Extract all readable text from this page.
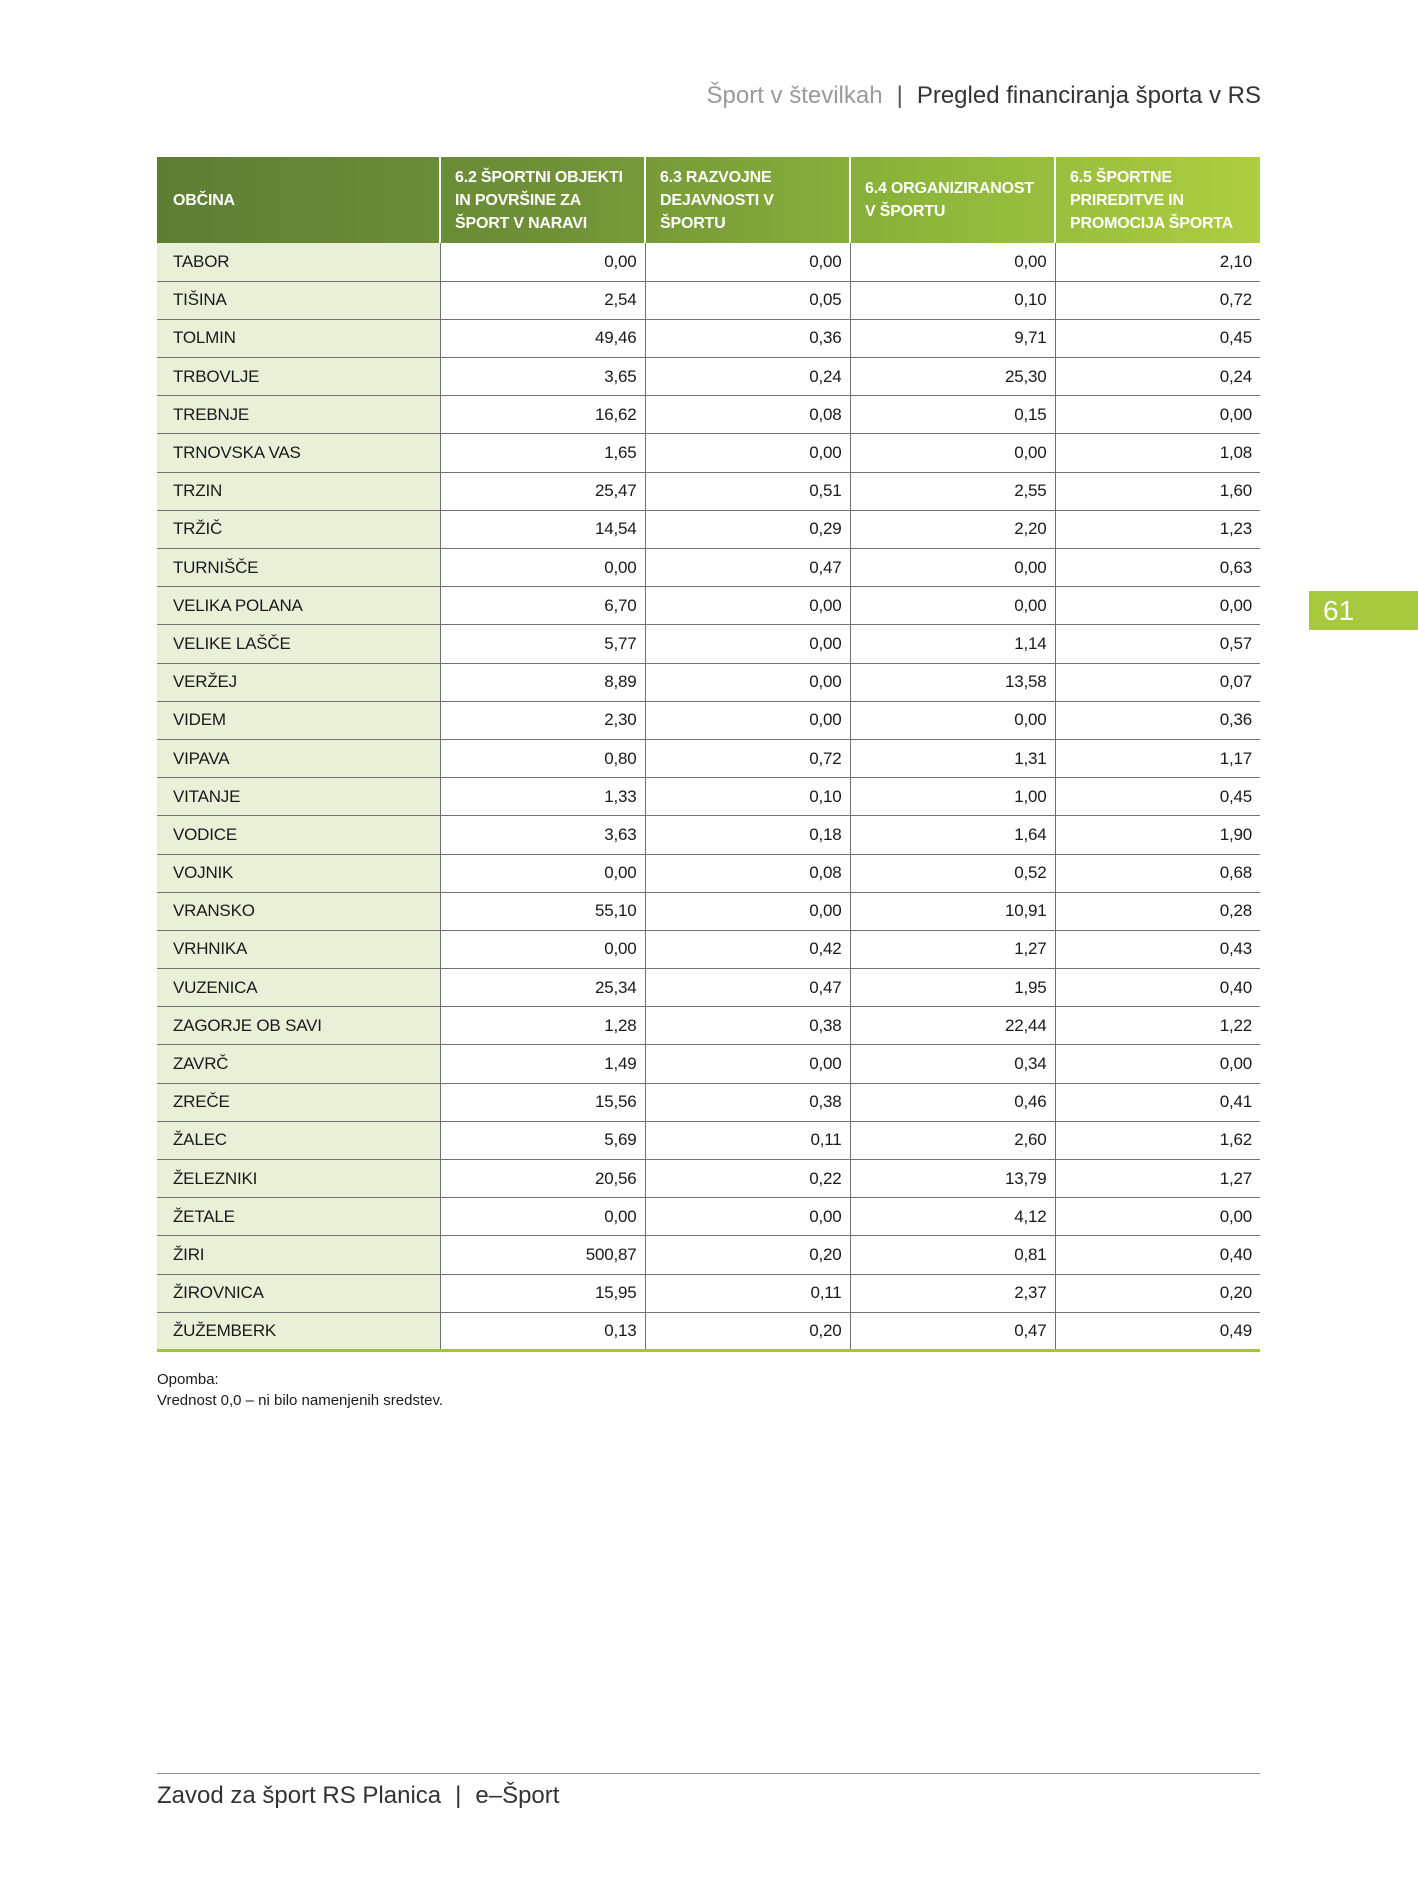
Šport v številkah | Pregled financiranja športa v RS
61
OBČINA	6.2 ŠPORTNI OBJEKTI IN POVRŠINE ZA ŠPORT V NARAVI	6.3 RAZVOJNE DEJAVNOSTI V ŠPORTU	6.4 ORGANIZIRANOST V ŠPORTU	6.5 ŠPORTNE PRIREDITVE IN PROMOCIJA ŠPORTA
TABOR	0,00	0,00	0,00	2,10
TIŠINA	2,54	0,05	0,10	0,72
TOLMIN	49,46	0,36	9,71	0,45
TRBOVLJE	3,65	0,24	25,30	0,24
TREBNJE	16,62	0,08	0,15	0,00
TRNOVSKA VAS	1,65	0,00	0,00	1,08
TRZIN	25,47	0,51	2,55	1,60
TRŽIČ	14,54	0,29	2,20	1,23
TURNIŠČE	0,00	0,47	0,00	0,63
VELIKA POLANA	6,70	0,00	0,00	0,00
VELIKE LAŠČE	5,77	0,00	1,14	0,57
VERŽEJ	8,89	0,00	13,58	0,07
VIDEM	2,30	0,00	0,00	0,36
VIPAVA	0,80	0,72	1,31	1,17
VITANJE	1,33	0,10	1,00	0,45
VODICE	3,63	0,18	1,64	1,90
VOJNIK	0,00	0,08	0,52	0,68
VRANSKO	55,10	0,00	10,91	0,28
VRHNIKA	0,00	0,42	1,27	0,43
VUZENICA	25,34	0,47	1,95	0,40
ZAGORJE OB SAVI	1,28	0,38	22,44	1,22
ZAVRČ	1,49	0,00	0,34	0,00
ZREČE	15,56	0,38	0,46	0,41
ŽALEC	5,69	0,11	2,60	1,62
ŽELEZNIKI	20,56	0,22	13,79	1,27
ŽETALE	0,00	0,00	4,12	0,00
ŽIRI	500,87	0,20	0,81	0,40
ŽIROVNICA	15,95	0,11	2,37	0,20
ŽUŽEMBERK	0,13	0,20	0,47	0,49
Opomba:
Vrednost 0,0 – ni bilo namenjenih sredstev.
Zavod za šport RS Planica | e–Šport
